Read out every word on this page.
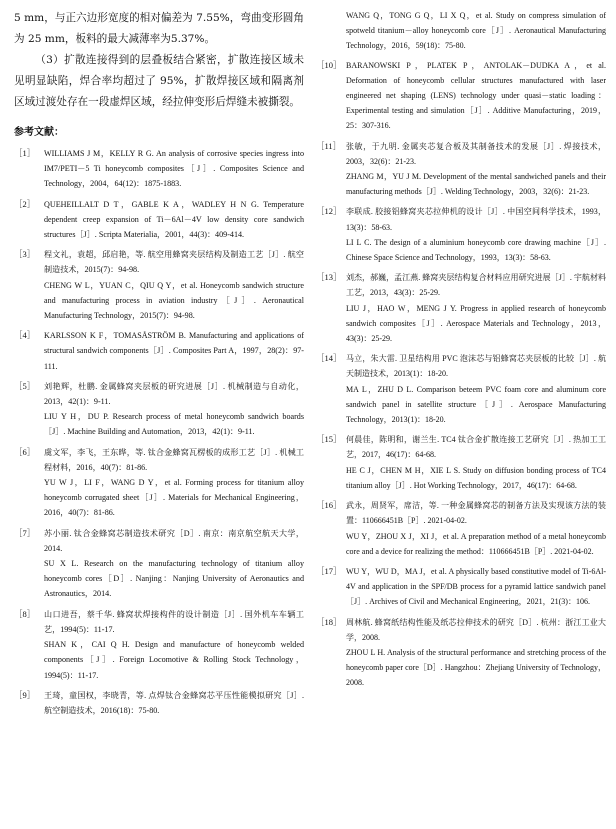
5 mm，与正六边形宽度的相对偏差为 7.55%，弯曲变形圆角为 25 mm，板料的最大减薄率为5.37%。

（3）扩散连接得到的层叠板结合紧密，扩散连接区域未见明显缺陷，焊合率均超过了 95%，扩散焊接区域和隔离剂区域过渡处存在一段虚焊区域，经拉伸变形后焊缝未被撕裂。

参考文献：
［1］ WILLIAMS J M，KELLY R G. An analysis of corrosive species ingress into IM7/PETI－5 Ti honeycomb composites［J］. Composites Science and Technology，2004，64(12)：1875-1883.
［2］ QUEHEILLALT D T，GABLE K A，WADLEY H N G. Temperature dependent creep expansion of Ti－6Al－4V low density core sandwich structures［J］. Scripta Materialia，2001，44(3)：409-414.
［3］ 程文礼，袁超，邱启艳，等. 航空用蜂窝夹层结构及制造工艺［J］. 航空制造技术，2015(7)：94-98.
CHENG W L，YUAN C，QIU Q Y，et al. Honeycomb sandwich structure and manufacturing process in aviation industry［J］. Aeronautical Manufacturing Technology，2015(7)：94-98.
［4］ KARLSSON K F，TOMASÅSTRÖM B. Manufacturing and applications of structural sandwich components［J］. Composites Part A，1997，28(2)：97-111.
［5］ 刘艳辉，杜鹏. 金属蜂窝夹层板的研究进展［J］. 机械制造与自动化，2013，42(1)：9-11.
LIU Y H，DU P. Research process of metal honeycomb sandwich boards［J］. Machine Building and Automation，2013，42(1)：9-11.
［6］ 虞文军，李飞，王东晔，等. 钛合金蜂窝瓦楞板的成形工艺［J］. 机械工程材料，2016，40(7)：81-86.
YU W J，LI F，WANG D Y，et al. Forming process for titanium alloy honeycomb corrugated sheet［J］. Materials for Mechanical Engineering，2016，40(7)：81-86.
［7］ 苏小丽. 钛合金蜂窝芯制造技术研究［D］. 南京：南京航空航天大学，2014.
SU X L. Research on the manufacturing technology of titanium alloy honeycomb cores［D］. Nanjing：Nanjing University of Aeronautics and Astronautics，2014.
［8］ 山口进吾，蔡千华. 蜂窝状焊接构件的设计制造［J］. 国外机车车辆工艺，1994(5)：11-17.
SHAN K，CAI Q H. Design and manufacture of honeycomb welded components［J］. Foreign Locomotive & Rolling Stock Technology，1994(5)：11-17.
［9］ 王琦，童国权，李晓青，等. 点焊钛合金蜂窝芯平压性能模拟研究［J］. 航空制造技术，2016(18)：75-80.
WANG Q，TONG G Q，LI X Q，et al. Study on compress simulation of spotweld titanium－alloy honeycomb core［J］. Aeronautical Manufacturing Technology，2016，59(18)：75-80.
［10］ BARANOWSKI P，PLATEK P，ANTOLAK－DUDKA A，et al. Deformation of honeycomb cellular structures manufactured with laser engineered net shaping (LENS) technology under quasi－static loading：Experimental testing and simulation［J］. Additive Manufacturing，2019，25：307-316.
［11］ 张敏，于九明. 金属夹芯复合板及其制备技术的发展［J］. 焊接技术，2003，32(6)：21-23.
ZHANG M，YU J M. Development of the mental sandwiched panels and their manufacturing methods［J］. Welding Technology，2003，32(6)：21-23.
［12］ 李联成. 胶接铝蜂窝夹芯拉伸机的设计［J］. 中国空间科学技术，1993，13(3)：58-63.
LI L C. The design of a aluminium honeycomb core drawing machine［J］. Chinese Space Science and Technology，1993，13(3)：58-63.
［13］ 刘杰，郝巍，孟江燕. 蜂窝夹层结构复合材料应用研究进展［J］. 宇航材料工艺，2013，43(3)：25-29.
LIU J，HAO W，MENG J Y. Progress in applied research of honeycomb sandwich composites［J］. Aerospace Materials and Technology，2013，43(3)：25-29.
［14］ 马立，朱大雷. 卫星结构用 PVC 泡沫芯与铝蜂窝芯夹层板的比较［J］. 航天制造技术，2013(1)：18-20.
MA L，ZHU D L. Comparison beteem PVC foam core and aluminum core sandwich panel in satellite structure［J］. Aerospace Manufacturing Technology，2013(1)：18-20.
［15］ 何晨佳，陈明和，谢兰生. TC4 钛合金扩散连接工艺研究［J］. 热加工工艺，2017，46(17)：64-68.
HE C J，CHEN M H，XIE L S. Study on diffusion bonding process of TC4 titanium alloy［J］. Hot Working Technology，2017，46(17)：64-68.
［16］ 武永，周贤军，席洁，等. 一种金属蜂窝芯的制备方法及实现该方法的装置：110666451B［P］. 2021-04-02.
WU Y，ZHOU X J，XI J，et al. A preparation method of a metal honeycomb core and a device for realizing the method：110666451B［P］. 2021-04-02.
［17］ WU Y，WU D，MA J，et al. A physically based constitutive model of Ti-6Al-4V and application in the SPF/DB process for a pyramid lattice sandwich panel［J］. Archives of Civil and Mechanical Engineering，2021，21(3)：106.
［18］ 周林航. 蜂窝纸结构性能及纸芯拉伸技术的研究［D］. 杭州：浙江工业大学，2008.
ZHOU L H. Analysis of the structural performance and stretching process of the honeycomb paper core［D］. Hangzhou：Zhejiang University of Technology，2008.
